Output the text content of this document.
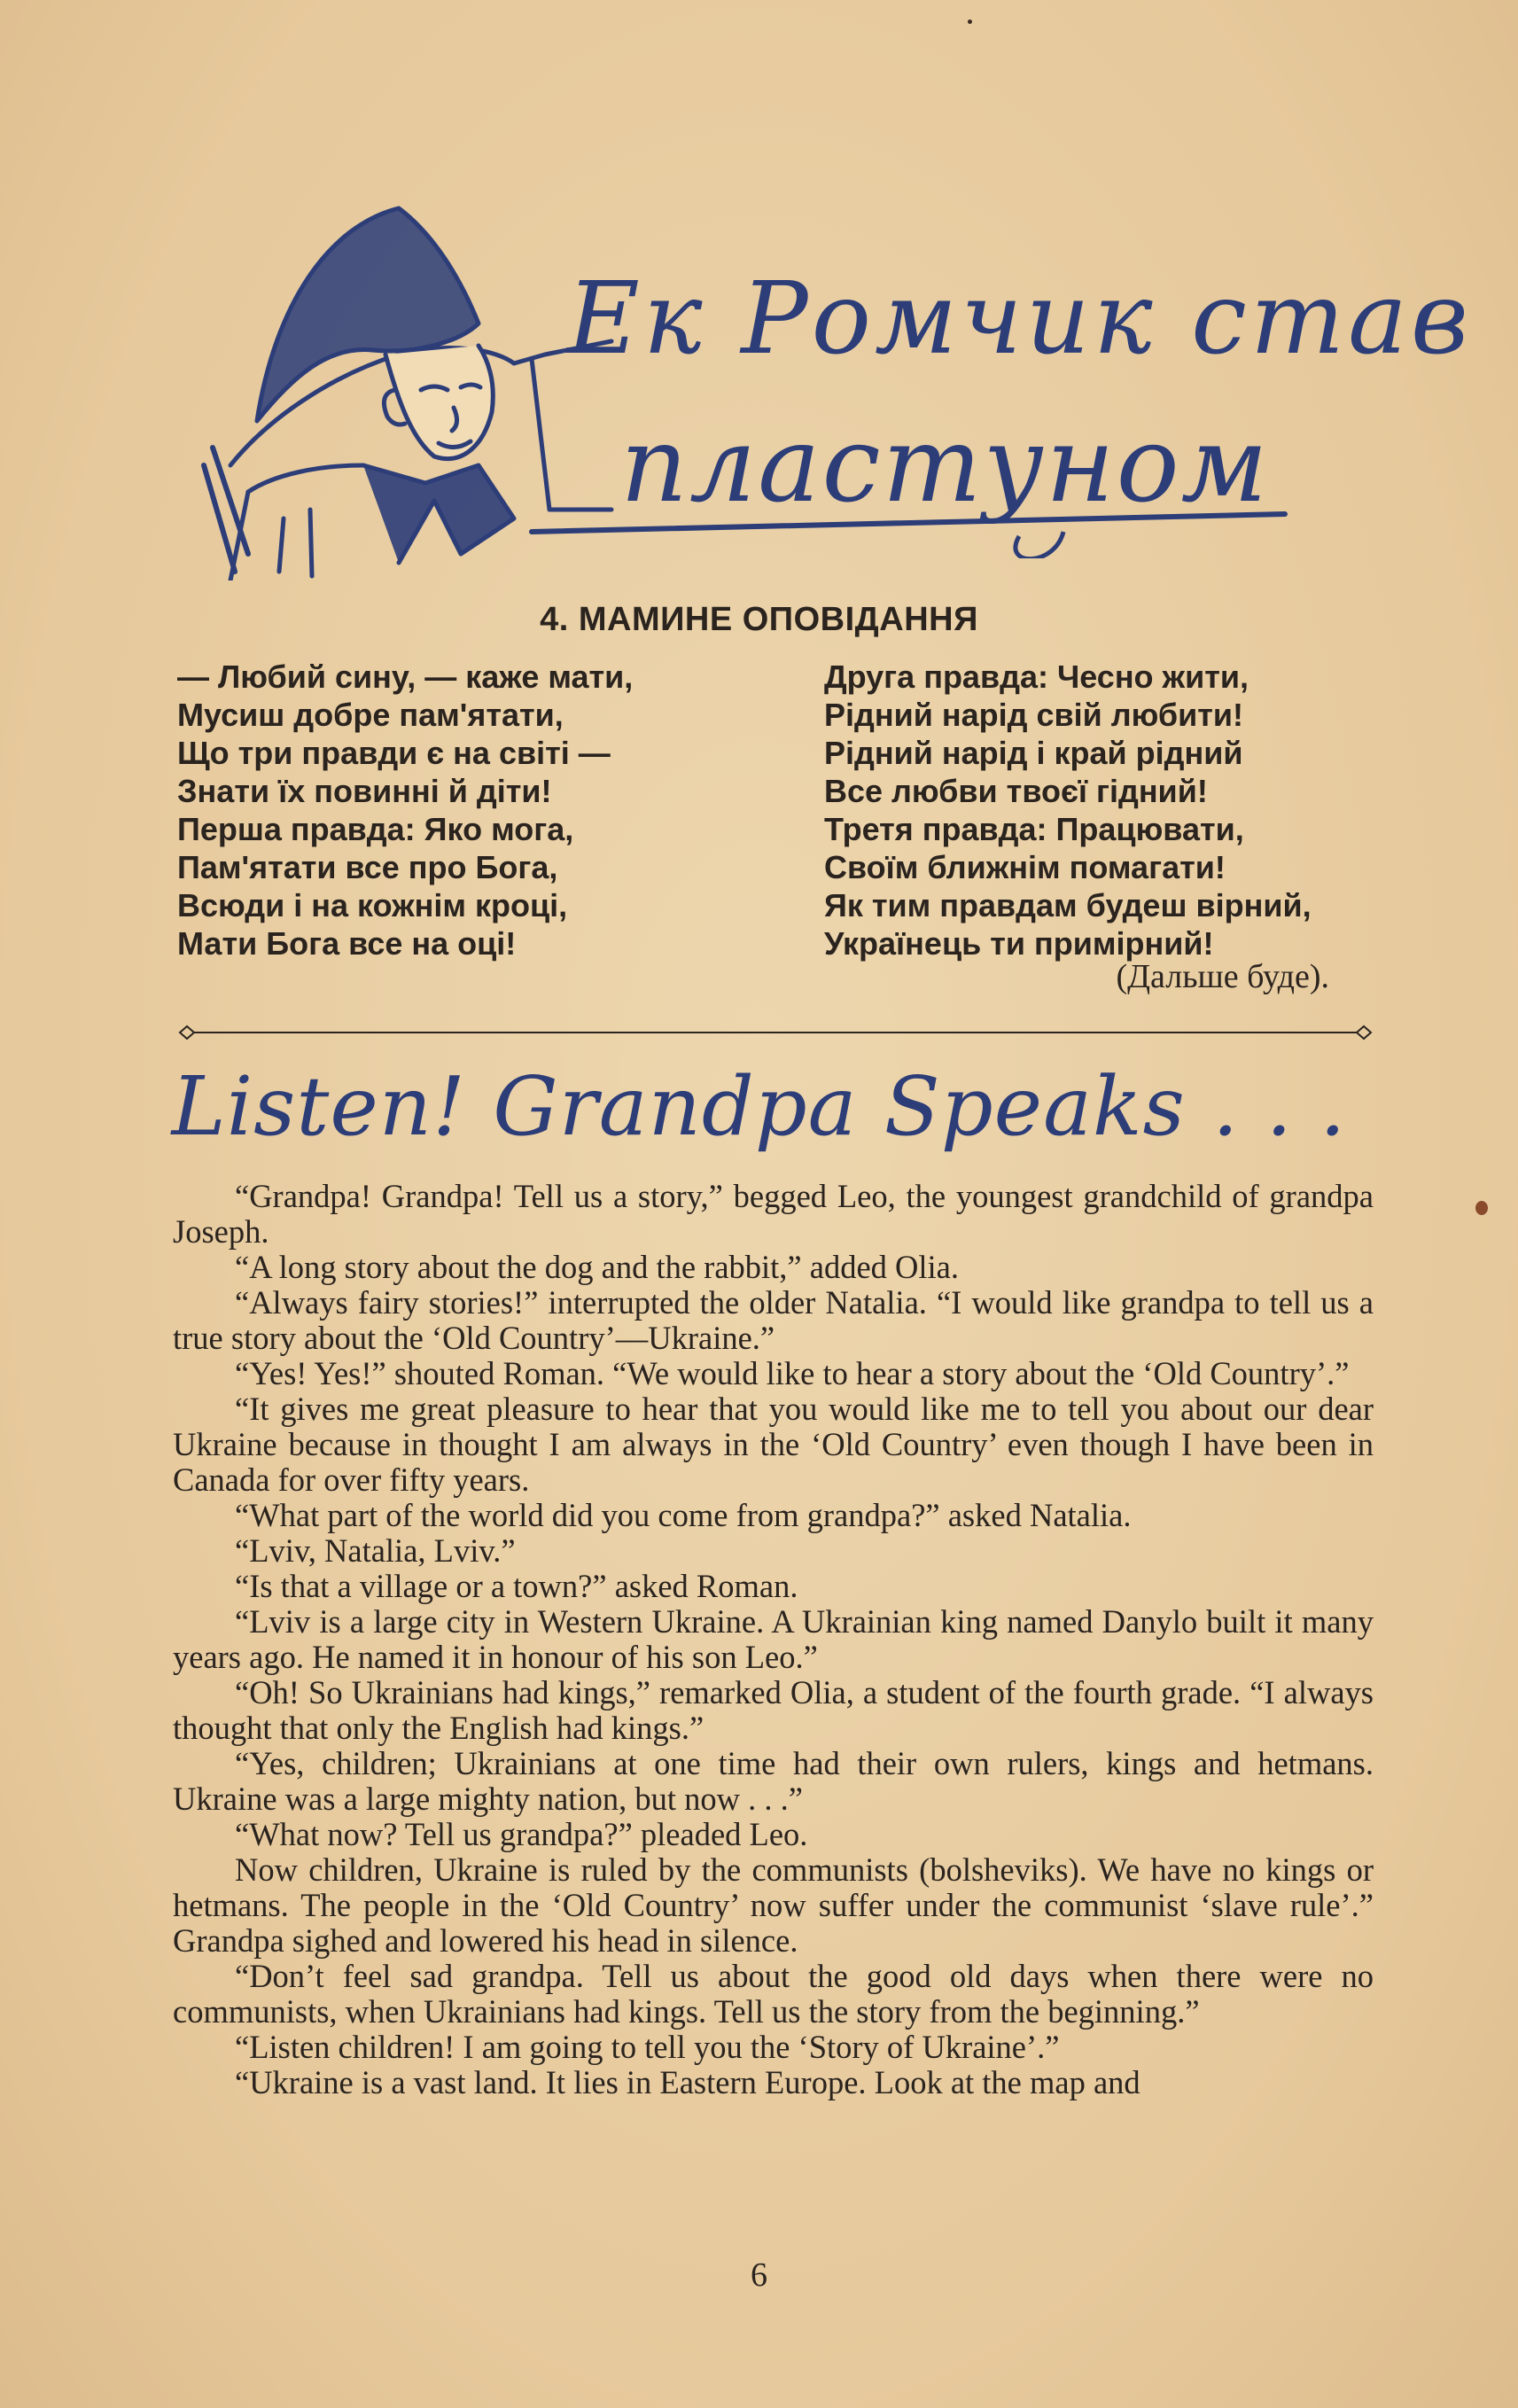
Ек Ромчик став
пластуном
4. МАМИНЕ ОПОВІДАННЯ
— Любий сину, — каже мати,
Мусиш добре пам'ятати,
Що три правди є на світі —
Знати їх повинні й діти!
Перша правда: Яко мога,
Пам'ятати все про Бога,
Всюди і на кожнім кроці,
Мати Бога все на оці!
Друга правда: Чесно жити,
Рідний нарід свій любити!
Рідний нарід і край рідний
Все любви твоєї гідний!
Третя правда: Працювати,
Своїм ближнім помагати!
Як тим правдам будеш вірний,
Українець ти примірний!
(Дальше буде).
Listen! Grandpa Speaks . . .

“Grandpa! Grandpa! Tell us a story,” begged Leo, the youngest grandchild of grandpa Joseph.

“A long story about the dog and the rabbit,” added Olia.

“Always fairy stories!” interrupted the older Natalia. “I would like grandpa to tell us a true story about the ‘Old Country’—Ukraine.”

“Yes! Yes!” shouted Roman. “We would like to hear a story about the ‘Old Country’.”

“It gives me great pleasure to hear that you would like me to tell you about our dear Ukraine because in thought I am always in the ‘Old Country’ even though I have been in Canada for over fifty years.

“What part of the world did you come from grandpa?” asked Natalia.

“Lviv, Natalia, Lviv.”

“Is that a village or a town?” asked Roman.

“Lviv is a large city in Western Ukraine. A Ukrainian king named Danylo built it many years ago. He named it in honour of his son Leo.”

“Oh! So Ukrainians had kings,” remarked Olia, a student of the fourth grade. “I always thought that only the English had kings.”

“Yes, children; Ukrainians at one time had their own rulers, kings and hetmans. Ukraine was a large mighty nation, but now . . .”

“What now? Tell us grandpa?” pleaded Leo.

Now children, Ukraine is ruled by the communists (bolsheviks). We have no kings or hetmans. The people in the ‘Old Country’ now suffer under the communist ‘slave rule’.” Grandpa sighed and lowered his head in silence.

“Don’t feel sad grandpa. Tell us about the good old days when there were no communists, when Ukrainians had kings. Tell us the story from the beginning.”

“Listen children! I am going to tell you the ‘Story of Ukraine’.”

“Ukraine is a vast land. It lies in Eastern Europe. Look at the map and

6
